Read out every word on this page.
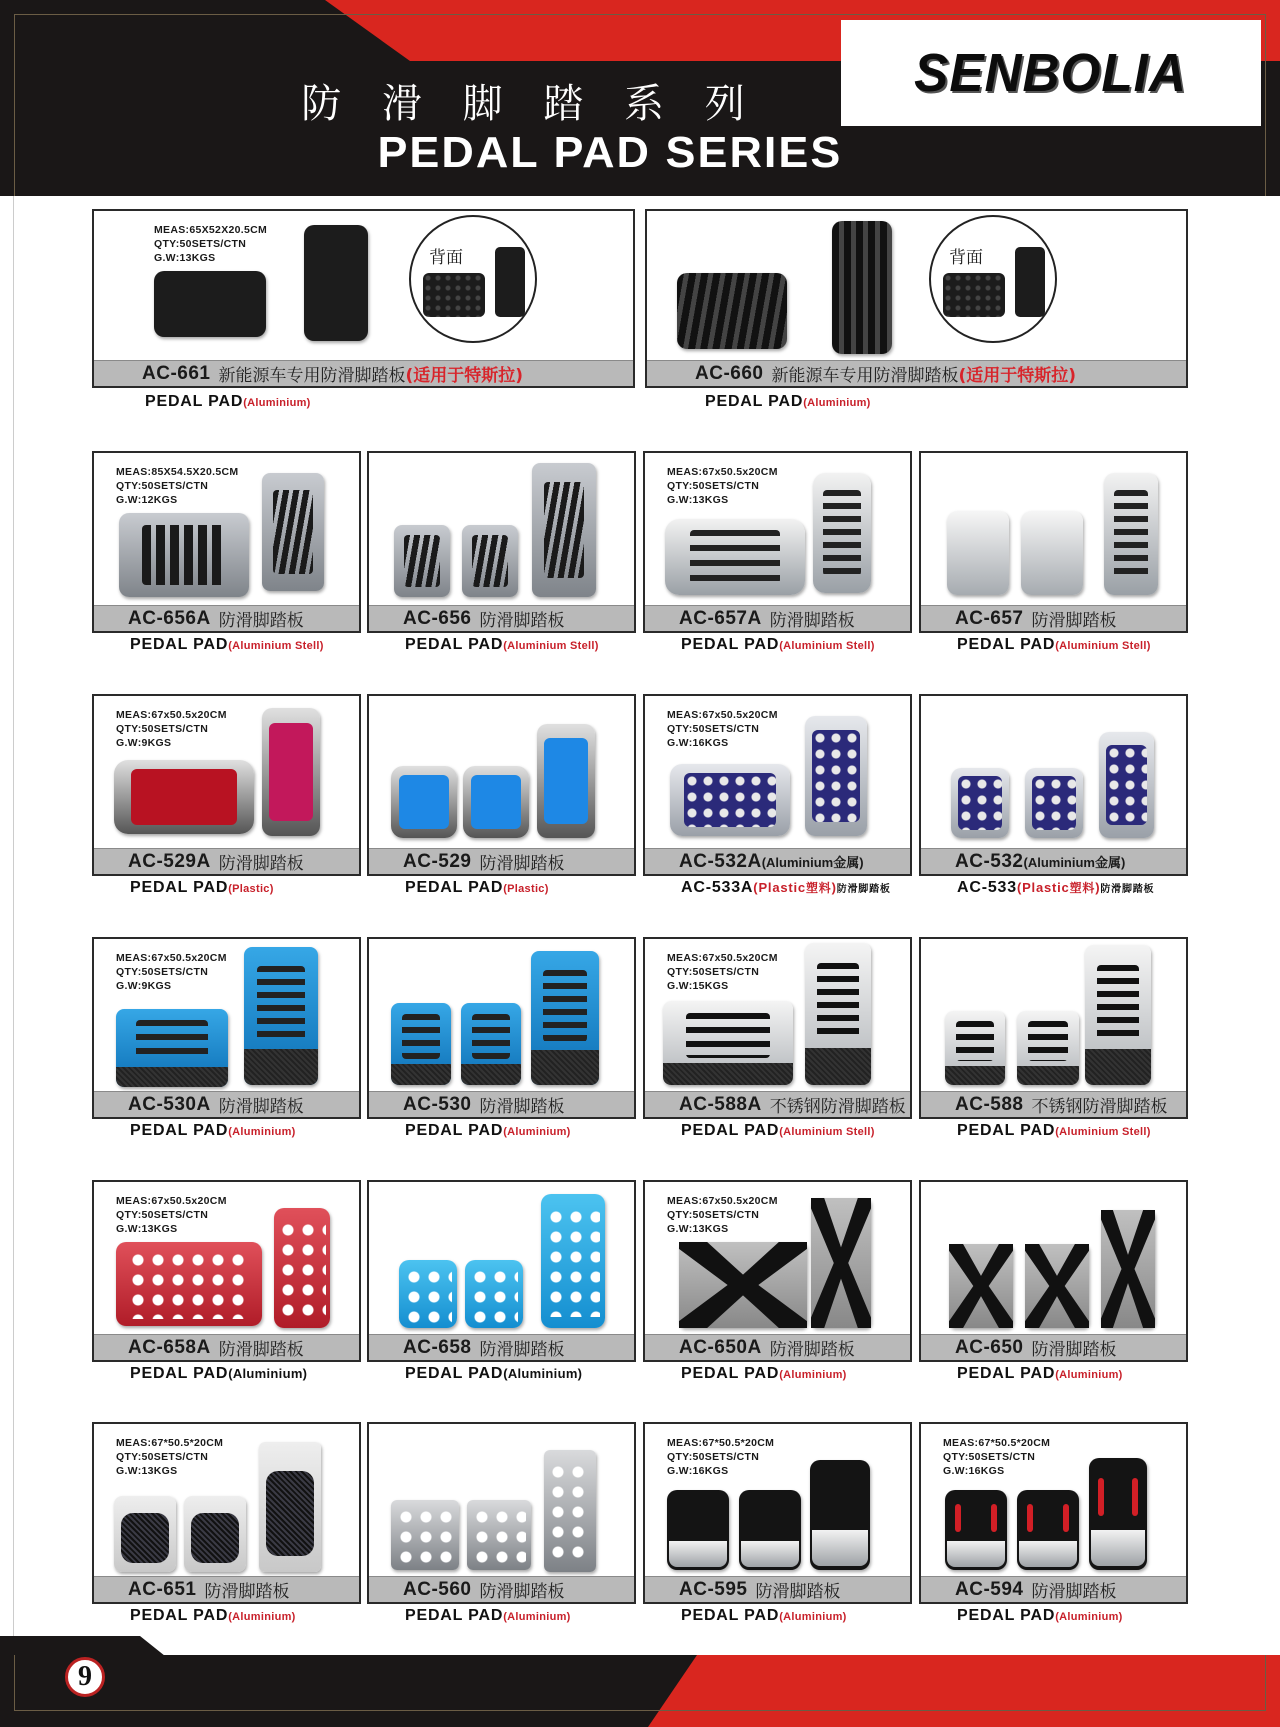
防 滑 脚 踏 系 列
PEDAL PAD SERIES
SENBOLIA
MEAS:65X52X20.5CM
QTY:50SETS/CTN
G.W:13KGS	背面
AC-661 新能源车专用防滑脚踏板 (适用于特斯拉)
PEDAL PAD(Aluminium)
背面
AC-660 新能源车专用防滑脚踏板 (适用于特斯拉)
PEDAL PAD(Aluminium)
MEAS:85X54.5X20.5CM
QTY:50SETS/CTN
G.W:12KGS
AC-656A 防滑脚踏板
PEDAL PAD(Aluminium Stell)
AC-656 防滑脚踏板
PEDAL PAD(Aluminium Stell)
MEAS:67x50.5x20CM
QTY:50SETS/CTN
G.W:13KGS
AC-657A 防滑脚踏板
PEDAL PAD(Aluminium Stell)
AC-657 防滑脚踏板
PEDAL PAD(Aluminium Stell)
MEAS:67x50.5x20CM
QTY:50SETS/CTN
G.W:9KGS
AC-529A 防滑脚踏板
PEDAL PAD(Plastic)
AC-529 防滑脚踏板
PEDAL PAD(Plastic)
MEAS:67x50.5x20CM
QTY:50SETS/CTN
G.W:16KGS
AC-532A (Aluminium金属)
AC-533A(Plastic塑料)防滑脚踏板
AC-532 (Aluminium金属)
AC-533(Plastic塑料)防滑脚踏板
MEAS:67x50.5x20CM
QTY:50SETS/CTN
G.W:9KGS
AC-530A 防滑脚踏板
PEDAL PAD(Aluminium)
AC-530 防滑脚踏板
PEDAL PAD(Aluminium)
MEAS:67x50.5x20CM
QTY:50SETS/CTN
G.W:15KGS
AC-588A 不锈钢防滑脚踏板
PEDAL PAD(Aluminium Stell)
AC-588 不锈钢防滑脚踏板
PEDAL PAD(Aluminium Stell)
MEAS:67x50.5x20CM
QTY:50SETS/CTN
G.W:13KGS
AC-658A 防滑脚踏板
PEDAL PAD(Aluminium)
AC-658 防滑脚踏板
PEDAL PAD(Aluminium)
MEAS:67x50.5x20CM
QTY:50SETS/CTN
G.W:13KGS
AC-650A 防滑脚踏板
PEDAL PAD(Aluminium)
AC-650 防滑脚踏板
PEDAL PAD(Aluminium)
MEAS:67*50.5*20CM
QTY:50SETS/CTN
G.W:13KGS
AC-651 防滑脚踏板
PEDAL PAD(Aluminium)
AC-560 防滑脚踏板
PEDAL PAD(Aluminium)
MEAS:67*50.5*20CM
QTY:50SETS/CTN
G.W:16KGS
AC-595 防滑脚踏板
PEDAL PAD(Aluminium)
MEAS:67*50.5*20CM
QTY:50SETS/CTN
G.W:16KGS
AC-594 防滑脚踏板
PEDAL PAD(Aluminium)
9
